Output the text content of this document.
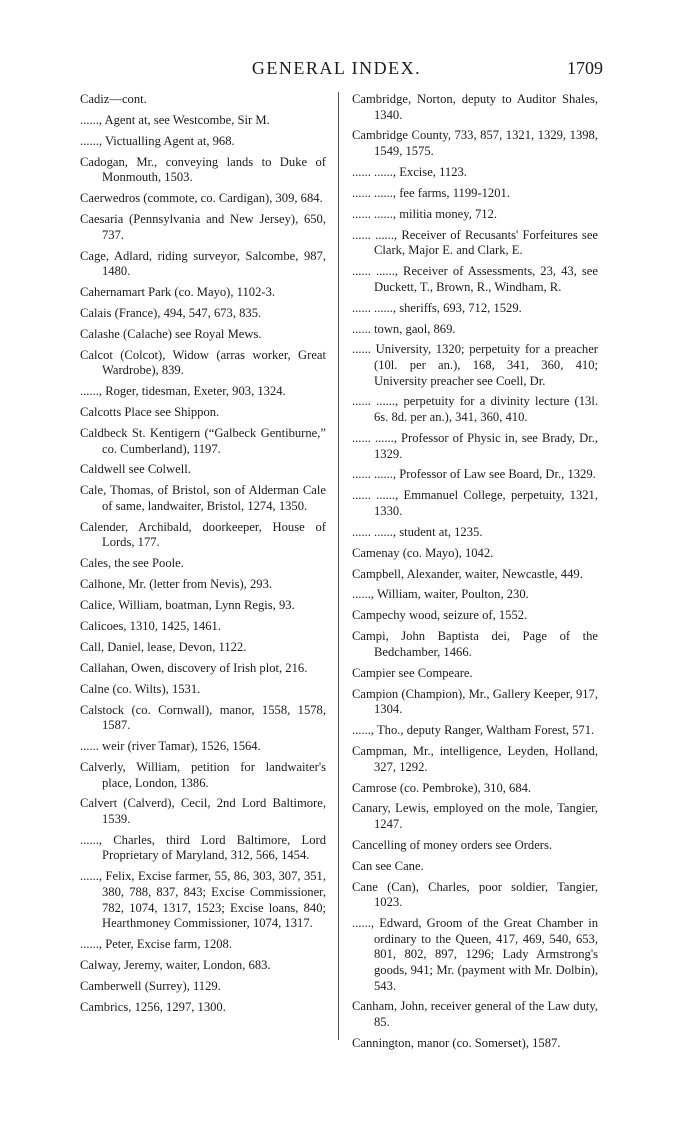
GENERAL INDEX.	1709

Cadiz—cont.

......, Agent at, see Westcombe, Sir M.

......, Victualling Agent at, 968.

Cadogan, Mr., conveying lands to Duke of Monmouth, 1503.

Caerwedros (commote, co. Cardigan), 309, 684.

Caesaria (Pennsylvania and New Jersey), 650, 737.

Cage, Adlard, riding surveyor, Salcombe, 987, 1480.

Cahernamart Park (co. Mayo), 1102-3.

Calais (France), 494, 547, 673, 835.

Calashe (Calache) see Royal Mews.

Calcot (Colcot), Widow (arras worker, Great Wardrobe), 839.

......, Roger, tidesman, Exeter, 903, 1324.

Calcotts Place see Shippon.

Caldbeck St. Kentigern (“Galbeck Gentiburne,” co. Cumberland), 1197.

Caldwell see Colwell.

Cale, Thomas, of Bristol, son of Alderman Cale of same, landwaiter, Bristol, 1274, 1350.

Calender, Archibald, doorkeeper, House of Lords, 177.

Cales, the see Poole.

Calhone, Mr. (letter from Nevis), 293.

Calice, William, boatman, Lynn Regis, 93.

Calicoes, 1310, 1425, 1461.

Call, Daniel, lease, Devon, 1122.

Callahan, Owen, discovery of Irish plot, 216.

Calne (co. Wilts), 1531.

Calstock (co. Cornwall), manor, 1558, 1578, 1587.

...... weir (river Tamar), 1526, 1564.

Calverly, William, petition for landwaiter's place, London, 1386.

Calvert (Calverd), Cecil, 2nd Lord Baltimore, 1539.

......, Charles, third Lord Baltimore, Lord Proprietary of Maryland, 312, 566, 1454.

......, Felix, Excise farmer, 55, 86, 303, 307, 351, 380, 788, 837, 843; Excise Commissioner, 782, 1074, 1317, 1523; Excise loans, 840; Hearthmoney Commissioner, 1074, 1317.

......, Peter, Excise farm, 1208.

Calway, Jeremy, waiter, London, 683.

Camberwell (Surrey), 1129.

Cambrics, 1256, 1297, 1300.

Cambridge, Norton, deputy to Auditor Shales, 1340.

Cambridge County, 733, 857, 1321, 1329, 1398, 1549, 1575.

...... ......, Excise, 1123.

...... ......, fee farms, 1199-1201.

...... ......, militia money, 712.

...... ......, Receiver of Recusants' Forfeitures see Clark, Major E. and Clark, E.

...... ......, Receiver of Assessments, 23, 43, see Duckett, T., Brown, R., Windham, R.

...... ......, sheriffs, 693, 712, 1529.

...... town, gaol, 869.

...... University, 1320; perpetuity for a preacher (10l. per an.), 168, 341, 360, 410; University preacher see Coell, Dr.

...... ......, perpetuity for a divinity lecture (13l. 6s. 8d. per an.), 341, 360, 410.

...... ......, Professor of Physic in, see Brady, Dr., 1329.

...... ......, Professor of Law see Board, Dr., 1329.

...... ......, Emmanuel College, perpetuity, 1321, 1330.

...... ......, student at, 1235.

Camenay (co. Mayo), 1042.

Campbell, Alexander, waiter, Newcastle, 449.

......, William, waiter, Poulton, 230.

Campechy wood, seizure of, 1552.

Campi, John Baptista dei, Page of the Bedchamber, 1466.

Campier see Compeare.

Campion (Champion), Mr., Gallery Keeper, 917, 1304.

......, Tho., deputy Ranger, Waltham Forest, 571.

Campman, Mr., intelligence, Leyden, Holland, 327, 1292.

Camrose (co. Pembroke), 310, 684.

Canary, Lewis, employed on the mole, Tangier, 1247.

Cancelling of money orders see Orders.

Can see Cane.

Cane (Can), Charles, poor soldier, Tangier, 1023.

......, Edward, Groom of the Great Chamber in ordinary to the Queen, 417, 469, 540, 653, 801, 802, 897, 1296; Lady Armstrong's goods, 941; Mr. (payment with Mr. Dolbin), 543.

Canham, John, receiver general of the Law duty, 85.

Cannington, manor (co. Somerset), 1587.
